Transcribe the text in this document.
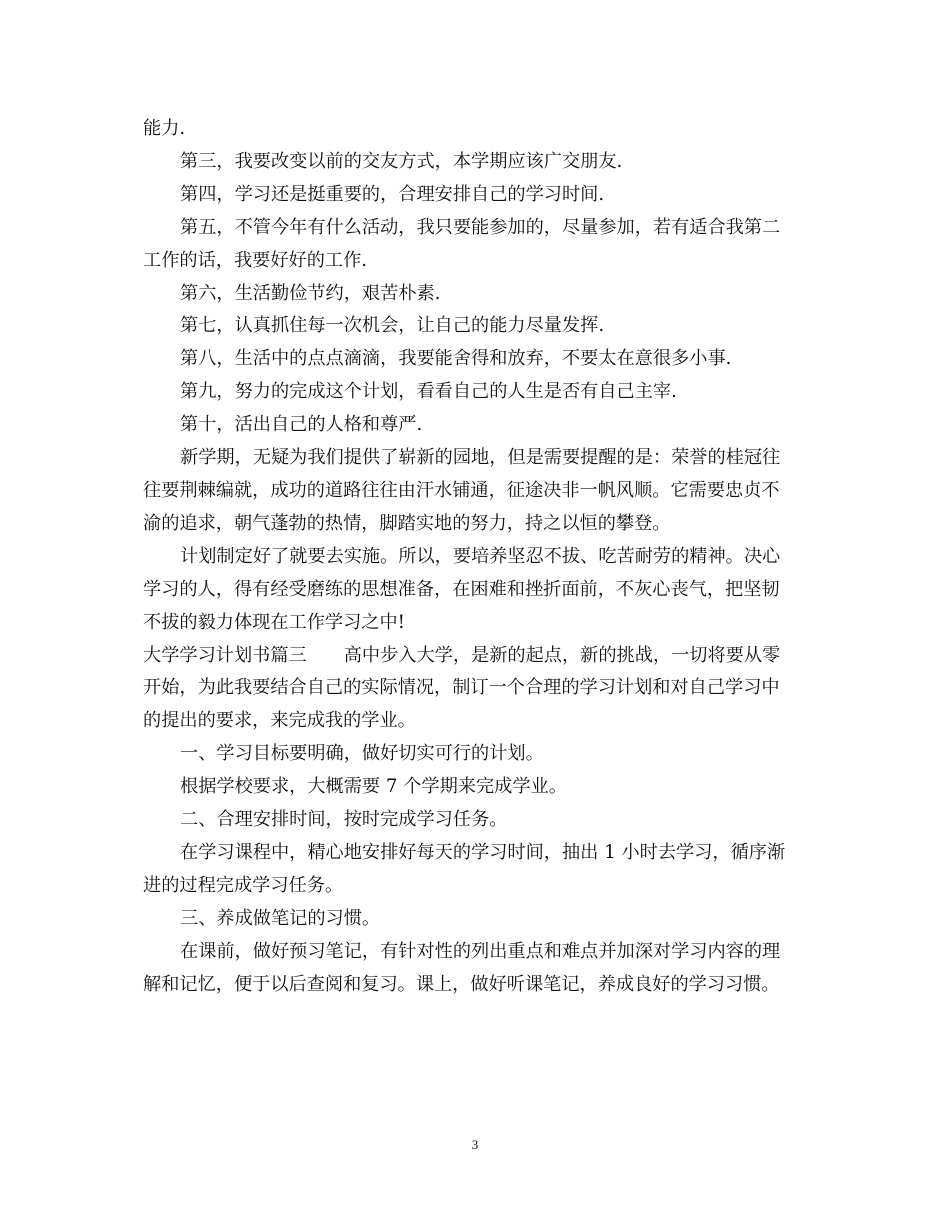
能力.

第三，我要改变以前的交友方式，本学期应该广交朋友.

第四，学习还是挺重要的，合理安排自己的学习时间.

第五，不管今年有什么活动，我只要能参加的，尽量参加，若有适合我第二

工作的话，我要好好的工作.

第六，生活勤俭节约，艰苦朴素.

第七，认真抓住每一次机会，让自己的能力尽量发挥.

第八，生活中的点点滴滴，我要能舍得和放弃，不要太在意很多小事.

第九，努力的完成这个计划，看看自己的人生是否有自己主宰.

第十，活出自己的人格和尊严.

新学期，无疑为我们提供了崭新的园地，但是需要提醒的是：荣誉的桂冠往

往要荆棘编就，成功的道路往往由汗水铺通，征途决非一帆风顺。它需要忠贞不

渝的追求，朝气蓬勃的热情，脚踏实地的努力，持之以恒的攀登。

计划制定好了就要去实施。所以，要培养坚忍不拔、吃苦耐劳的精神。决心

学习的人，得有经受磨练的思想准备，在困难和挫折面前，不灰心丧气，把坚韧

不拔的毅力体现在工作学习之中!

大学学习计划书篇三 高中步入大学，是新的起点，新的挑战，一切将要从零

开始，为此我要结合自己的实际情况，制订一个合理的学习计划和对自己学习中

的提出的要求，来完成我的学业。

一、学习目标要明确，做好切实可行的计划。

根据学校要求，大概需要 7 个学期来完成学业。

二、合理安排时间，按时完成学习任务。

在学习课程中，精心地安排好每天的学习时间，抽出 1 小时去学习，循序渐

进的过程完成学习任务。

三、养成做笔记的习惯。

在课前，做好预习笔记，有针对性的列出重点和难点并加深对学习内容的理

解和记忆，便于以后查阅和复习。课上，做好听课笔记，养成良好的学习习惯。

3
